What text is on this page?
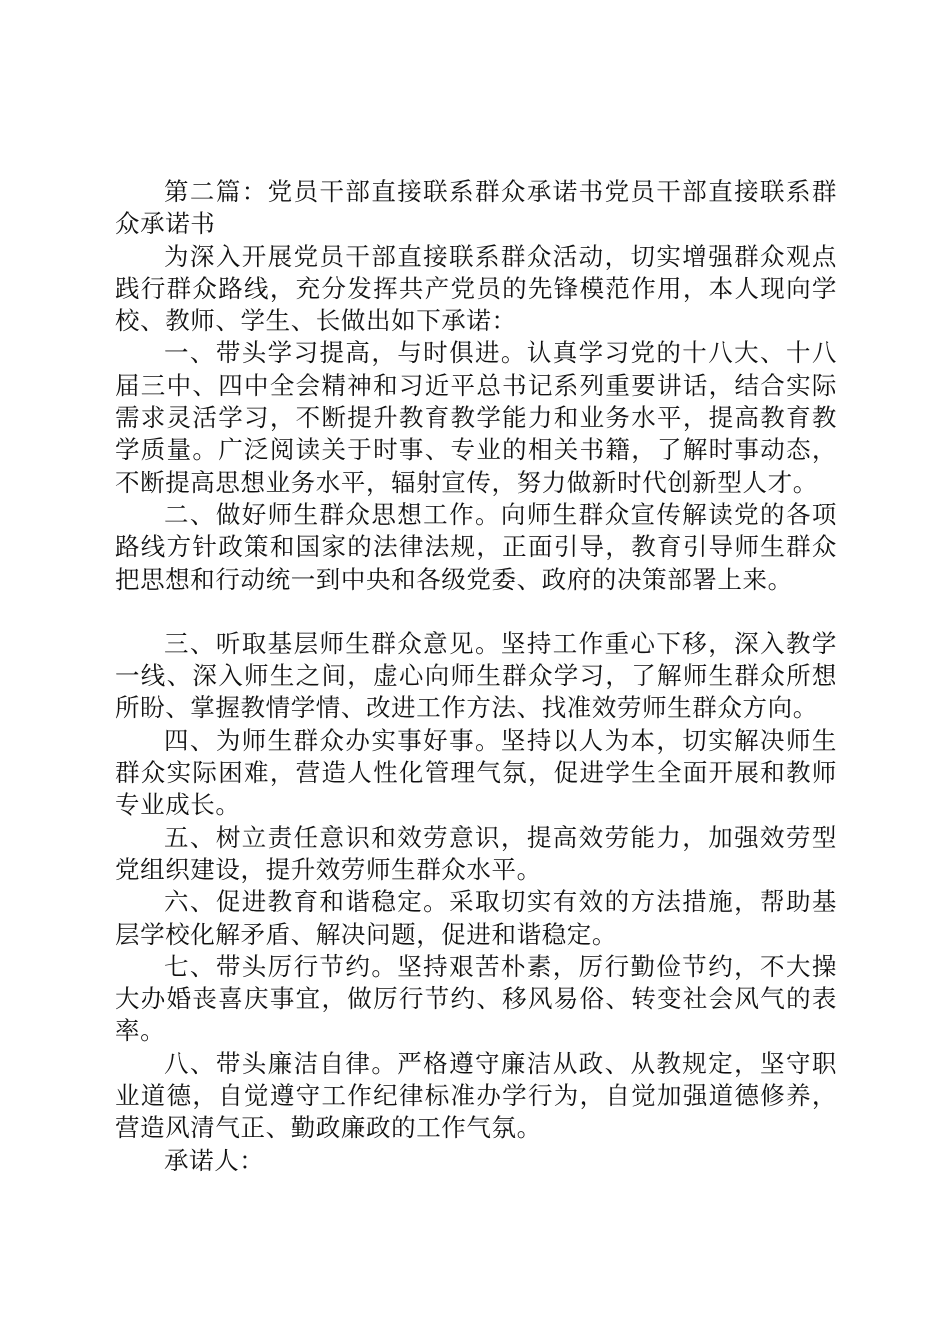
第二篇：党员干部直接联系群众承诺书党员干部直接联系群众承诺书

为深入开展党员干部直接联系群众活动，切实增强群众观点践行群众路线，充分发挥共产党员的先锋模范作用，本人现向学校、教师、学生、长做出如下承诺：

一、带头学习提高，与时俱进。认真学习党的十八大、十八届三中、四中全会精神和习近平总书记系列重要讲话，结合实际需求灵活学习，不断提升教育教学能力和业务水平，提高教育教学质量。广泛阅读关于时事、专业的相关书籍，了解时事动态，不断提高思想业务水平，辐射宣传，努力做新时代创新型人才。

二、做好师生群众思想工作。向师生群众宣传解读党的各项路线方针政策和国家的法律法规，正面引导，教育引导师生群众把思想和行动统一到中央和各级党委、政府的决策部署上来。

三、听取基层师生群众意见。坚持工作重心下移，深入教学一线、深入师生之间，虚心向师生群众学习，了解师生群众所想所盼、掌握教情学情、改进工作方法、找准效劳师生群众方向。

四、为师生群众办实事好事。坚持以人为本，切实解决师生群众实际困难，营造人性化管理气氛，促进学生全面开展和教师专业成长。

五、树立责任意识和效劳意识，提高效劳能力，加强效劳型党组织建设，提升效劳师生群众水平。

六、促进教育和谐稳定。采取切实有效的方法措施，帮助基层学校化解矛盾、解决问题，促进和谐稳定。

七、带头厉行节约。坚持艰苦朴素，厉行勤俭节约，不大操大办婚丧喜庆事宜，做厉行节约、移风易俗、转变社会风气的表率。

八、带头廉洁自律。严格遵守廉洁从政、从教规定，坚守职业道德，自觉遵守工作纪律标准办学行为，自觉加强道德修养，营造风清气正、勤政廉政的工作气氛。

承诺人：
